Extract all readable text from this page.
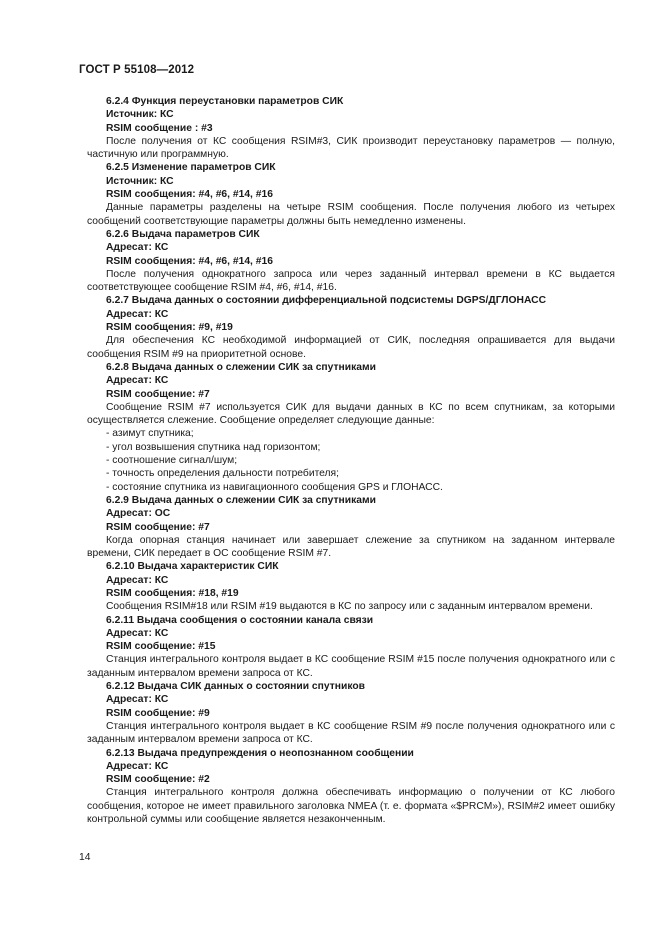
ГОСТ Р 55108—2012

6.2.4 Функция переустановки параметров СИК

Источник: КС

RSIM сообщение : #3

После получения от КС сообщения RSIM#3, СИК производит переустановку параметров — полную, частичную или программную.

6.2.5 Изменение параметров СИК

Источник: КС

RSIM сообщения: #4, #6, #14, #16

Данные параметры разделены на четыре RSIM сообщения. После получения любого из четырех сообщений соответствующие параметры должны быть немедленно изменены.

6.2.6 Выдача параметров СИК

Адресат: КС

RSIM сообщения: #4, #6, #14, #16

После получения однократного запроса или через заданный интервал времени в КС выдается соответствующее сообщение RSIM #4, #6, #14, #16.

6.2.7 Выдача данных о состоянии дифференциальной подсистемы DGPS/ДГЛОНАСС

Адресат: КС

RSIM сообщения: #9, #19

Для обеспечения КС необходимой информацией от СИК, последняя опрашивается для выдачи сообщения RSIM #9 на приоритетной основе.

6.2.8 Выдача данных о слежении СИК за спутниками

Адресат: КС

RSIM сообщение: #7

Сообщение RSIM #7 используется СИК для выдачи данных в КС по всем спутникам, за которыми осуществляется слежение. Сообщение определяет следующие данные:

- азимут спутника;

- угол возвышения спутника над горизонтом;

- соотношение сигнал/шум;

- точность определения дальности потребителя;

- состояние спутника из навигационного сообщения GPS и ГЛОНАСС.

6.2.9 Выдача данных о слежении СИК за спутниками

Адресат: ОС

RSIM сообщение: #7

Когда опорная станция начинает или завершает слежение за спутником на заданном интервале времени, СИК передает в ОС сообщение RSIM #7.

6.2.10 Выдача характеристик СИК

Адресат: КС

RSIM сообщения: #18, #19

Сообщения RSIM#18 или RSIM #19 выдаются в КС по запросу или с заданным интервалом времени.

6.2.11 Выдача сообщения о состоянии канала связи

Адресат: КС

RSIM сообщение: #15

Станция интегрального контроля выдает в КС сообщение RSIM #15 после получения однократного или с заданным интервалом времени запроса от КС.

6.2.12 Выдача СИК данных о состоянии спутников

Адресат: КС

RSIM сообщение: #9

Станция интегрального контроля выдает в КС сообщение RSIM #9 после получения однократного или с заданным интервалом времени запроса от КС.

6.2.13 Выдача предупреждения о неопознанном сообщении

Адресат: КС

RSIM сообщение: #2

Станция интегрального контроля должна обеспечивать информацию о получении от КС любого сообщения, которое не имеет правильного заголовка NMEA (т. е. формата «$PRCM»), RSIM#2 имеет ошибку контрольной суммы или сообщение является незаконченным.

14
